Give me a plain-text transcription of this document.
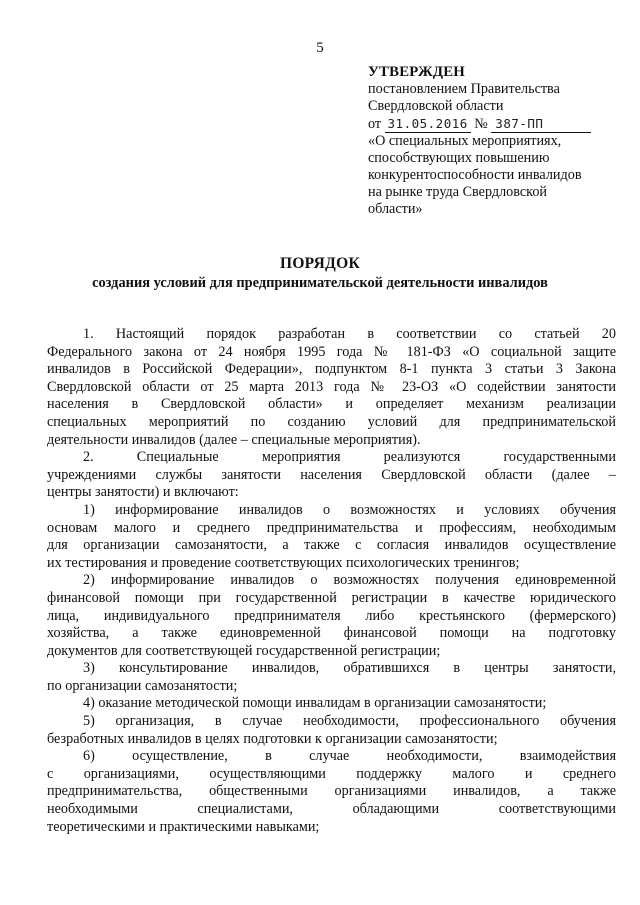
5
УТВЕРЖДЕН
постановлением Правительства
Свердловской области
от 31.05.2016 № 387-ПП
«О специальных мероприятиях,
способствующих повышению
конкурентоспособности инвалидов
на рынке труда Свердловской
области»
ПОРЯДОК
создания условий для предпринимательской деятельности инвалидов
1. Настоящий порядок разработан в соответствии со статьей 20
Федерального закона от 24 ноября 1995 года № 181-ФЗ «О социальной защите
инвалидов в Российской Федерации», подпунктом 8-1 пункта 3 статьи 3 Закона
Свердловской области от 25 марта 2013 года № 23-ОЗ «О содействии занятости
населения в Свердловской области» и определяет механизм реализации
специальных мероприятий по созданию условий для предпринимательской
деятельности инвалидов (далее – специальные мероприятия).
2. Специальные мероприятия реализуются государственными
учреждениями службы занятости населения Свердловской области (далее –
центры занятости) и включают:
1) информирование инвалидов о возможностях и условиях обучения
основам малого и среднего предпринимательства и профессиям, необходимым
для организации самозанятости, а также с согласия инвалидов осуществление
их тестирования и проведение соответствующих психологических тренингов;
2) информирование инвалидов о возможностях получения единовременной
финансовой помощи при государственной регистрации в качестве юридического
лица, индивидуального предпринимателя либо крестьянского (фермерского)
хозяйства, а также единовременной финансовой помощи на подготовку
документов для соответствующей государственной регистрации;
3) консультирование инвалидов, обратившихся в центры занятости,
по организации самозанятости;
4) оказание методической помощи инвалидам в организации самозанятости;
5) организация, в случае необходимости, профессионального обучения
безработных инвалидов в целях подготовки к организации самозанятости;
6) осуществление, в случае необходимости, взаимодействия
с организациями, осуществляющими поддержку малого и среднего
предпринимательства, общественными организациями инвалидов, а также
необходимыми специалистами, обладающими соответствующими
теоретическими и практическими навыками;
